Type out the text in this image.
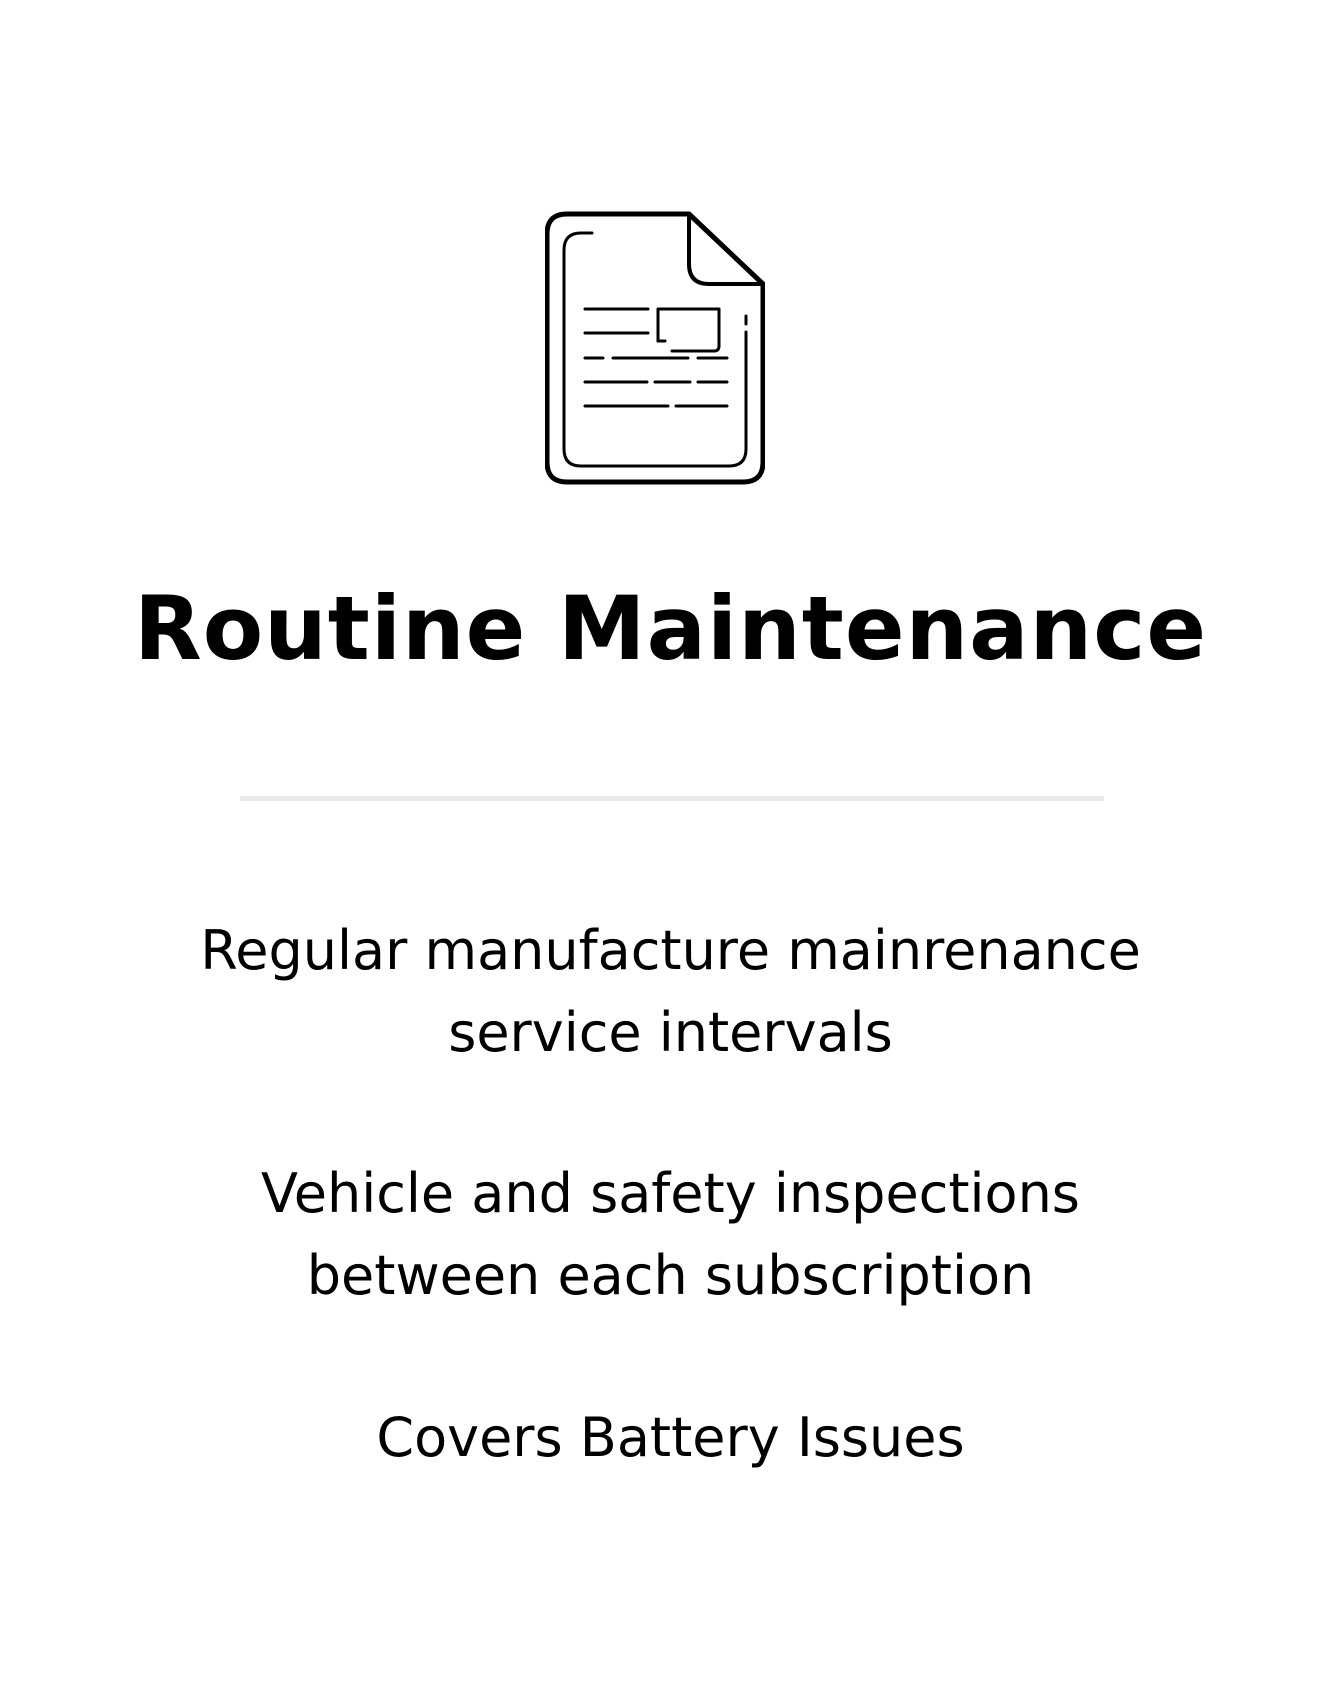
Routine Maintenance

Regular manufacture mainrenance
service intervals

Vehicle and safety inspections
between each subscription

Covers Battery Issues
